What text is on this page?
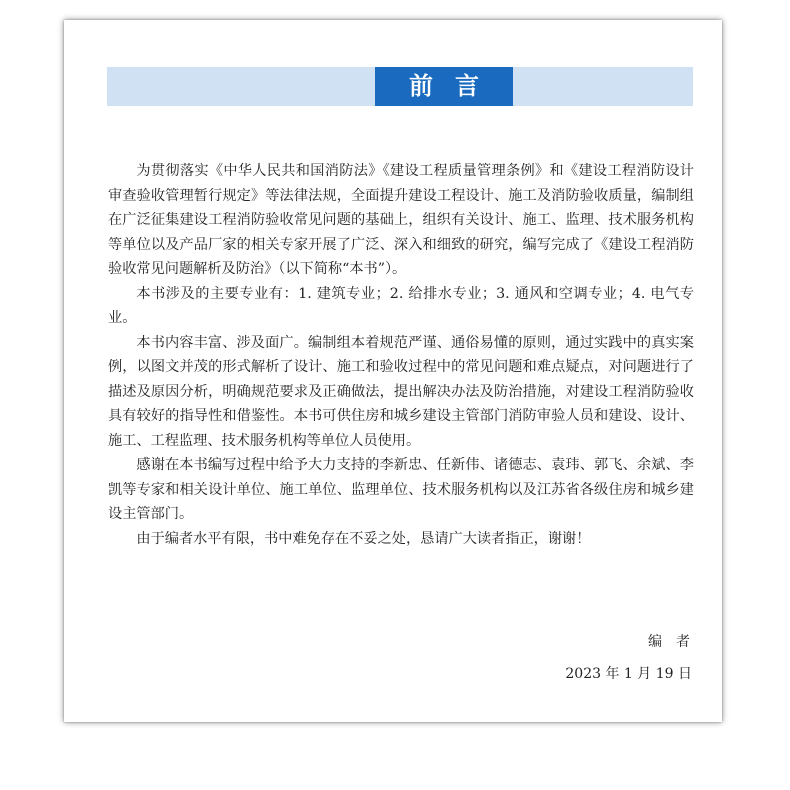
前言

为贯彻落实《中华人民共和国消防法》《建设工程质量管理条例》和《建设工程消防设计审查验收管理暂行规定》等法律法规，全面提升建设工程设计、施工及消防验收质量，编制组在广泛征集建设工程消防验收常见问题的基础上，组织有关设计、施工、监理、技术服务机构等单位以及产品厂家的相关专家开展了广泛、深入和细致的研究，编写完成了《建设工程消防验收常见问题解析及防治》（以下简称“本书”）。

本书涉及的主要专业有：1. 建筑专业；2. 给排水专业；3. 通风和空调专业；4. 电气专业。

本书内容丰富、涉及面广。编制组本着规范严谨、通俗易懂的原则，通过实践中的真实案例，以图文并茂的形式解析了设计、施工和验收过程中的常见问题和难点疑点，对问题进行了描述及原因分析，明确规范要求及正确做法，提出解决办法及防治措施，对建设工程消防验收具有较好的指导性和借鉴性。本书可供住房和城乡建设主管部门消防审验人员和建设、设计、施工、工程监理、技术服务机构等单位人员使用。

感谢在本书编写过程中给予大力支持的李新忠、任新伟、诸德志、袁玮、郭飞、余斌、李凯等专家和相关设计单位、施工单位、监理单位、技术服务机构以及江苏省各级住房和城乡建设主管部门。

由于编者水平有限，书中难免存在不妥之处，恳请广大读者指正，谢谢！

编　者
2023 年 1 月 19 日
